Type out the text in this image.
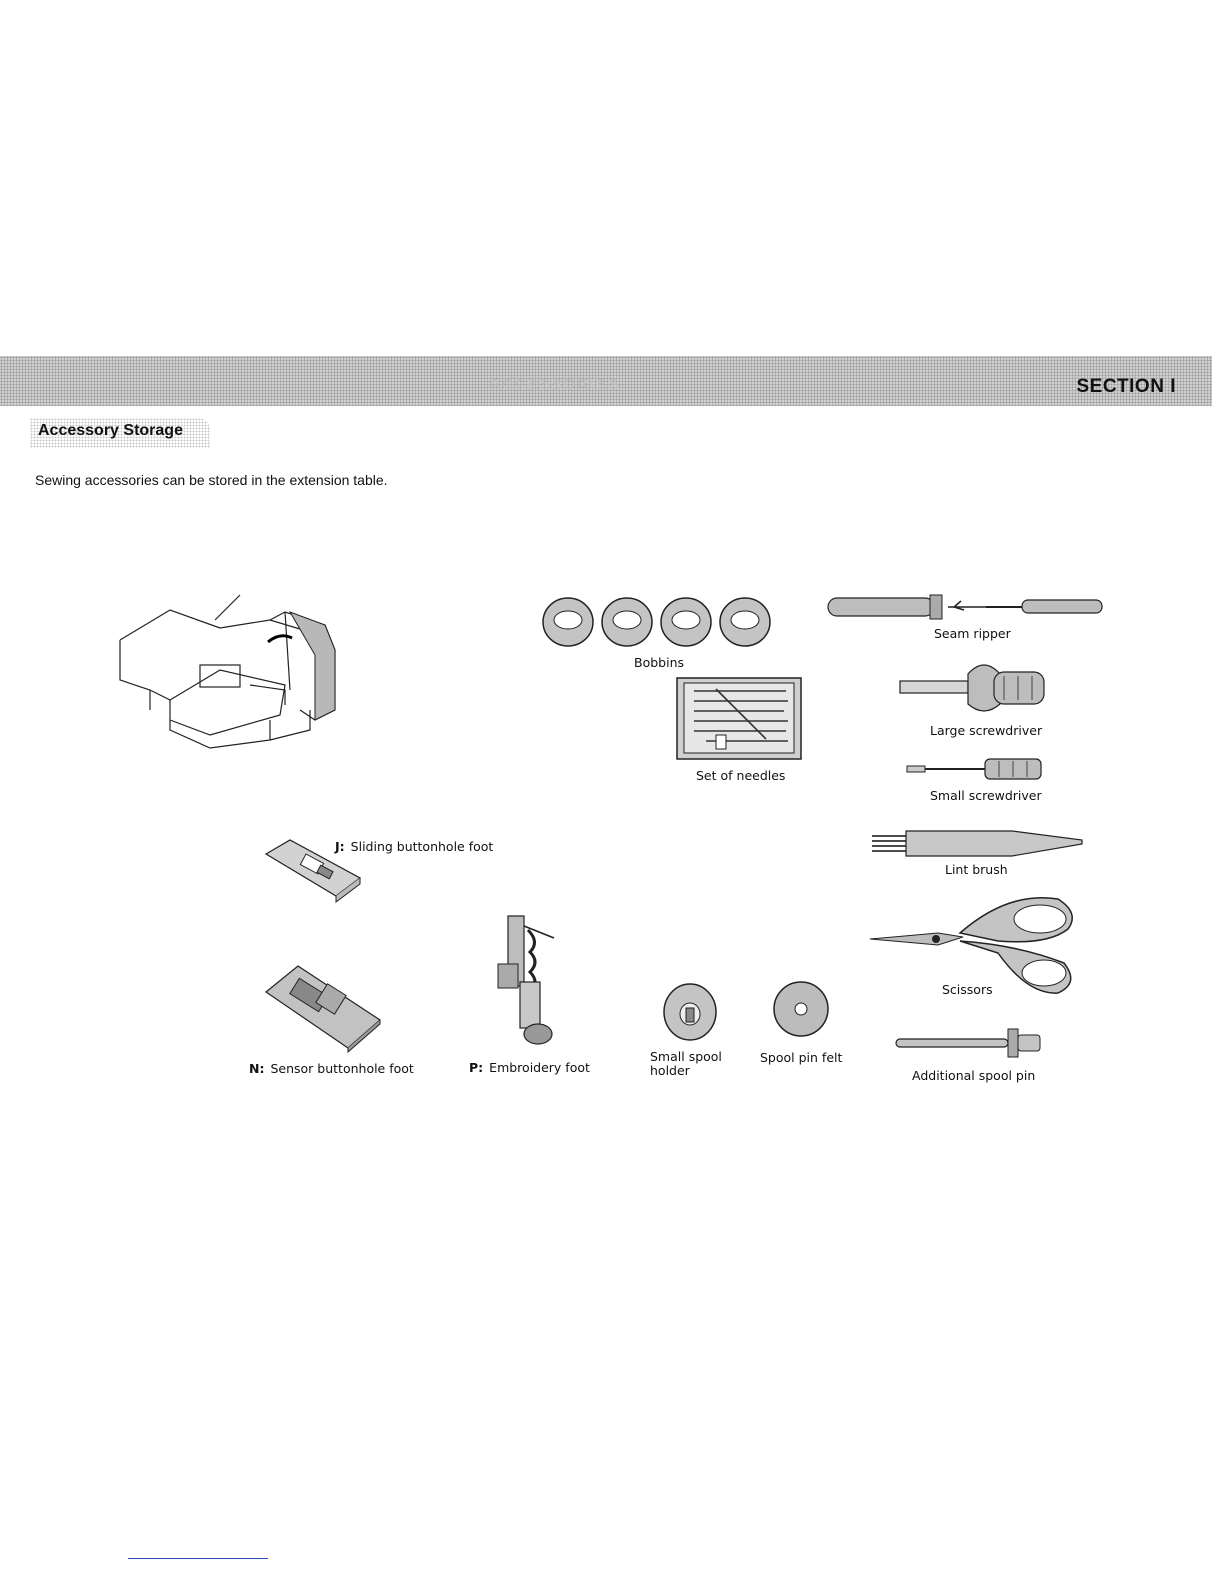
ACCESSORIES	SECTION I
Accessory Storage
Sewing accessories can be stored in the extension table.
Bobbins
Seam ripper
Set of needles
Large screwdriver
Small screwdriver
Lint brush
Scissors
Additional spool pin
Small spool
holder
Spool pin felt
J: Sliding buttonhole foot
N: Sensor buttonhole foot	P: Embroidery foot
